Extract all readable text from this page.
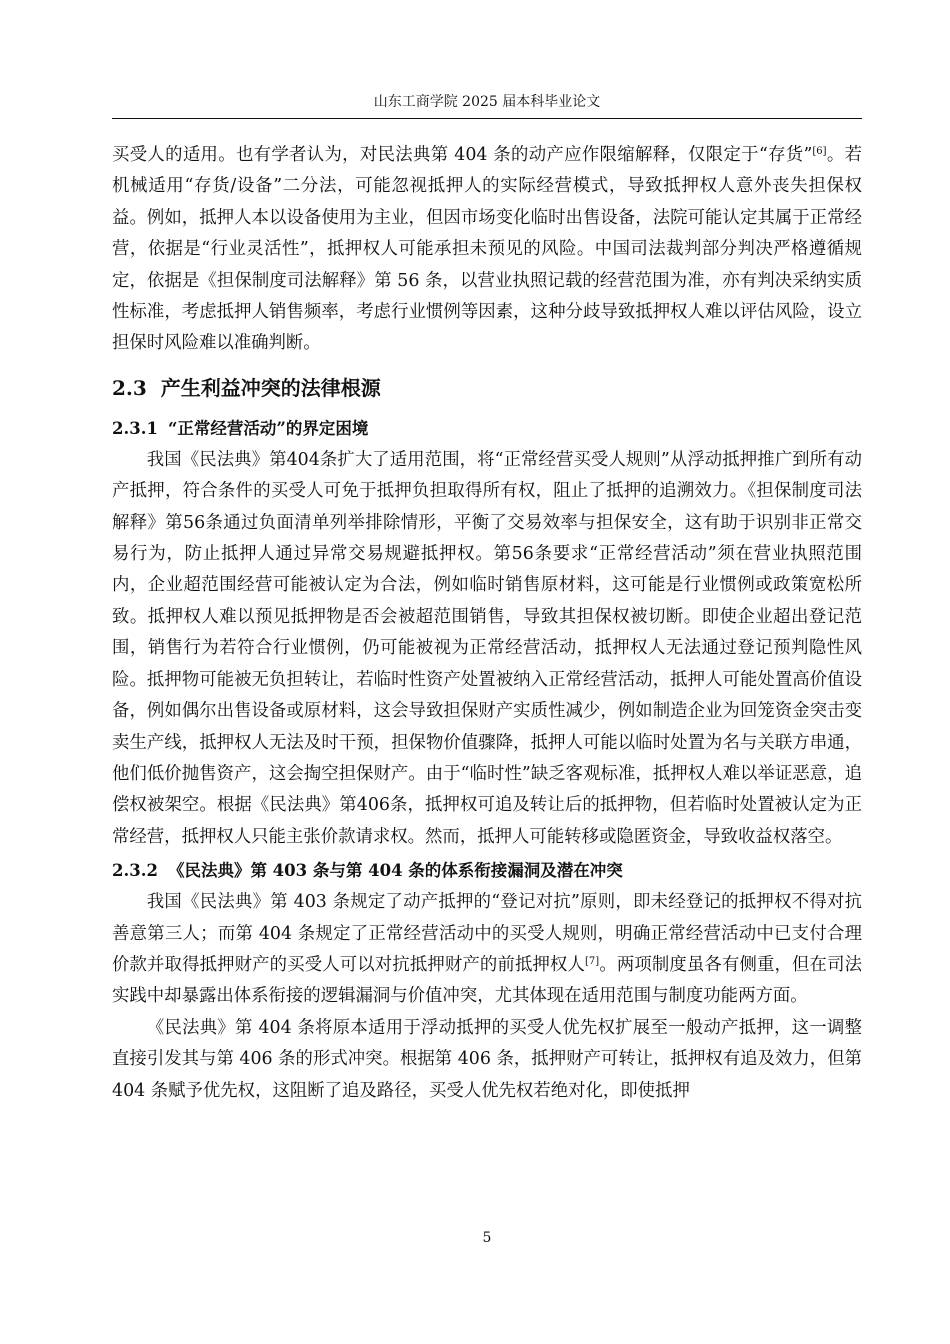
山东工商学院 2025 届本科毕业论文

买受人的适用。也有学者认为，对民法典第 404 条的动产应作限缩解释，仅限定于“存货”[6]。若机械适用“存货/设备”二分法，可能忽视抵押人的实际经营模式，导致抵押权人意外丧失担保权益。例如，抵押人本以设备使用为主业，但因市场变化临时出售设备，法院可能认定其属于正常经营，依据是“行业灵活性”，抵押权人可能承担未预见的风险。中国司法裁判部分判决严格遵循规定，依据是《担保制度司法解释》第 56 条，以营业执照记载的经营范围为准，亦有判决采纳实质性标准，考虑抵押人销售频率，考虑行业惯例等因素，这种分歧导致抵押权人难以评估风险，设立担保时风险难以准确判断。

2.3 产生利益冲突的法律根源
2.3.1 “正常经营活动”的界定困境

我国《民法典》第404条扩大了适用范围，将“正常经营买受人规则”从浮动抵押推广到所有动产抵押，符合条件的买受人可免于抵押负担取得所有权，阻止了抵押的追溯效力。《担保制度司法解释》第56条通过负面清单列举排除情形，平衡了交易效率与担保安全，这有助于识别非正常交易行为，防止抵押人通过异常交易规避抵押权。第56条要求“正常经营活动”须在营业执照范围内，企业超范围经营可能被认定为合法，例如临时销售原材料，这可能是行业惯例或政策宽松所致。抵押权人难以预见抵押物是否会被超范围销售，导致其担保权被切断。即使企业超出登记范围，销售行为若符合行业惯例，仍可能被视为正常经营活动，抵押权人无法通过登记预判隐性风险。抵押物可能被无负担转让，若临时性资产处置被纳入正常经营活动，抵押人可能处置高价值设备，例如偶尔出售设备或原材料，这会导致担保财产实质性减少，例如制造企业为回笼资金突击变卖生产线，抵押权人无法及时干预，担保物价值骤降，抵押人可能以临时处置为名与关联方串通，他们低价抛售资产，这会掏空担保财产。由于“临时性”缺乏客观标准，抵押权人难以举证恶意，追偿权被架空。根据《民法典》第406条，抵押权可追及转让后的抵押物，但若临时处置被认定为正常经营，抵押权人只能主张价款请求权。然而，抵押人可能转移或隐匿资金，导致收益权落空。

2.3.2 《民法典》第 403 条与第 404 条的体系衔接漏洞及潜在冲突

我国《民法典》第 403 条规定了动产抵押的“登记对抗”原则，即未经登记的抵押权不得对抗善意第三人；而第 404 条规定了正常经营活动中的买受人规则，明确正常经营活动中已支付合理价款并取得抵押财产的买受人可以对抗抵押财产的前抵押权人[7]。两项制度虽各有侧重，但在司法实践中却暴露出体系衔接的逻辑漏洞与价值冲突，尤其体现在适用范围与制度功能两方面。

《民法典》第 404 条将原本适用于浮动抵押的买受人优先权扩展至一般动产抵押，这一调整直接引发其与第 406 条的形式冲突。根据第 406 条，抵押财产可转让，抵押权有追及效力，但第 404 条赋予优先权，这阻断了追及路径，买受人优先权若绝对化，即使抵押

5
